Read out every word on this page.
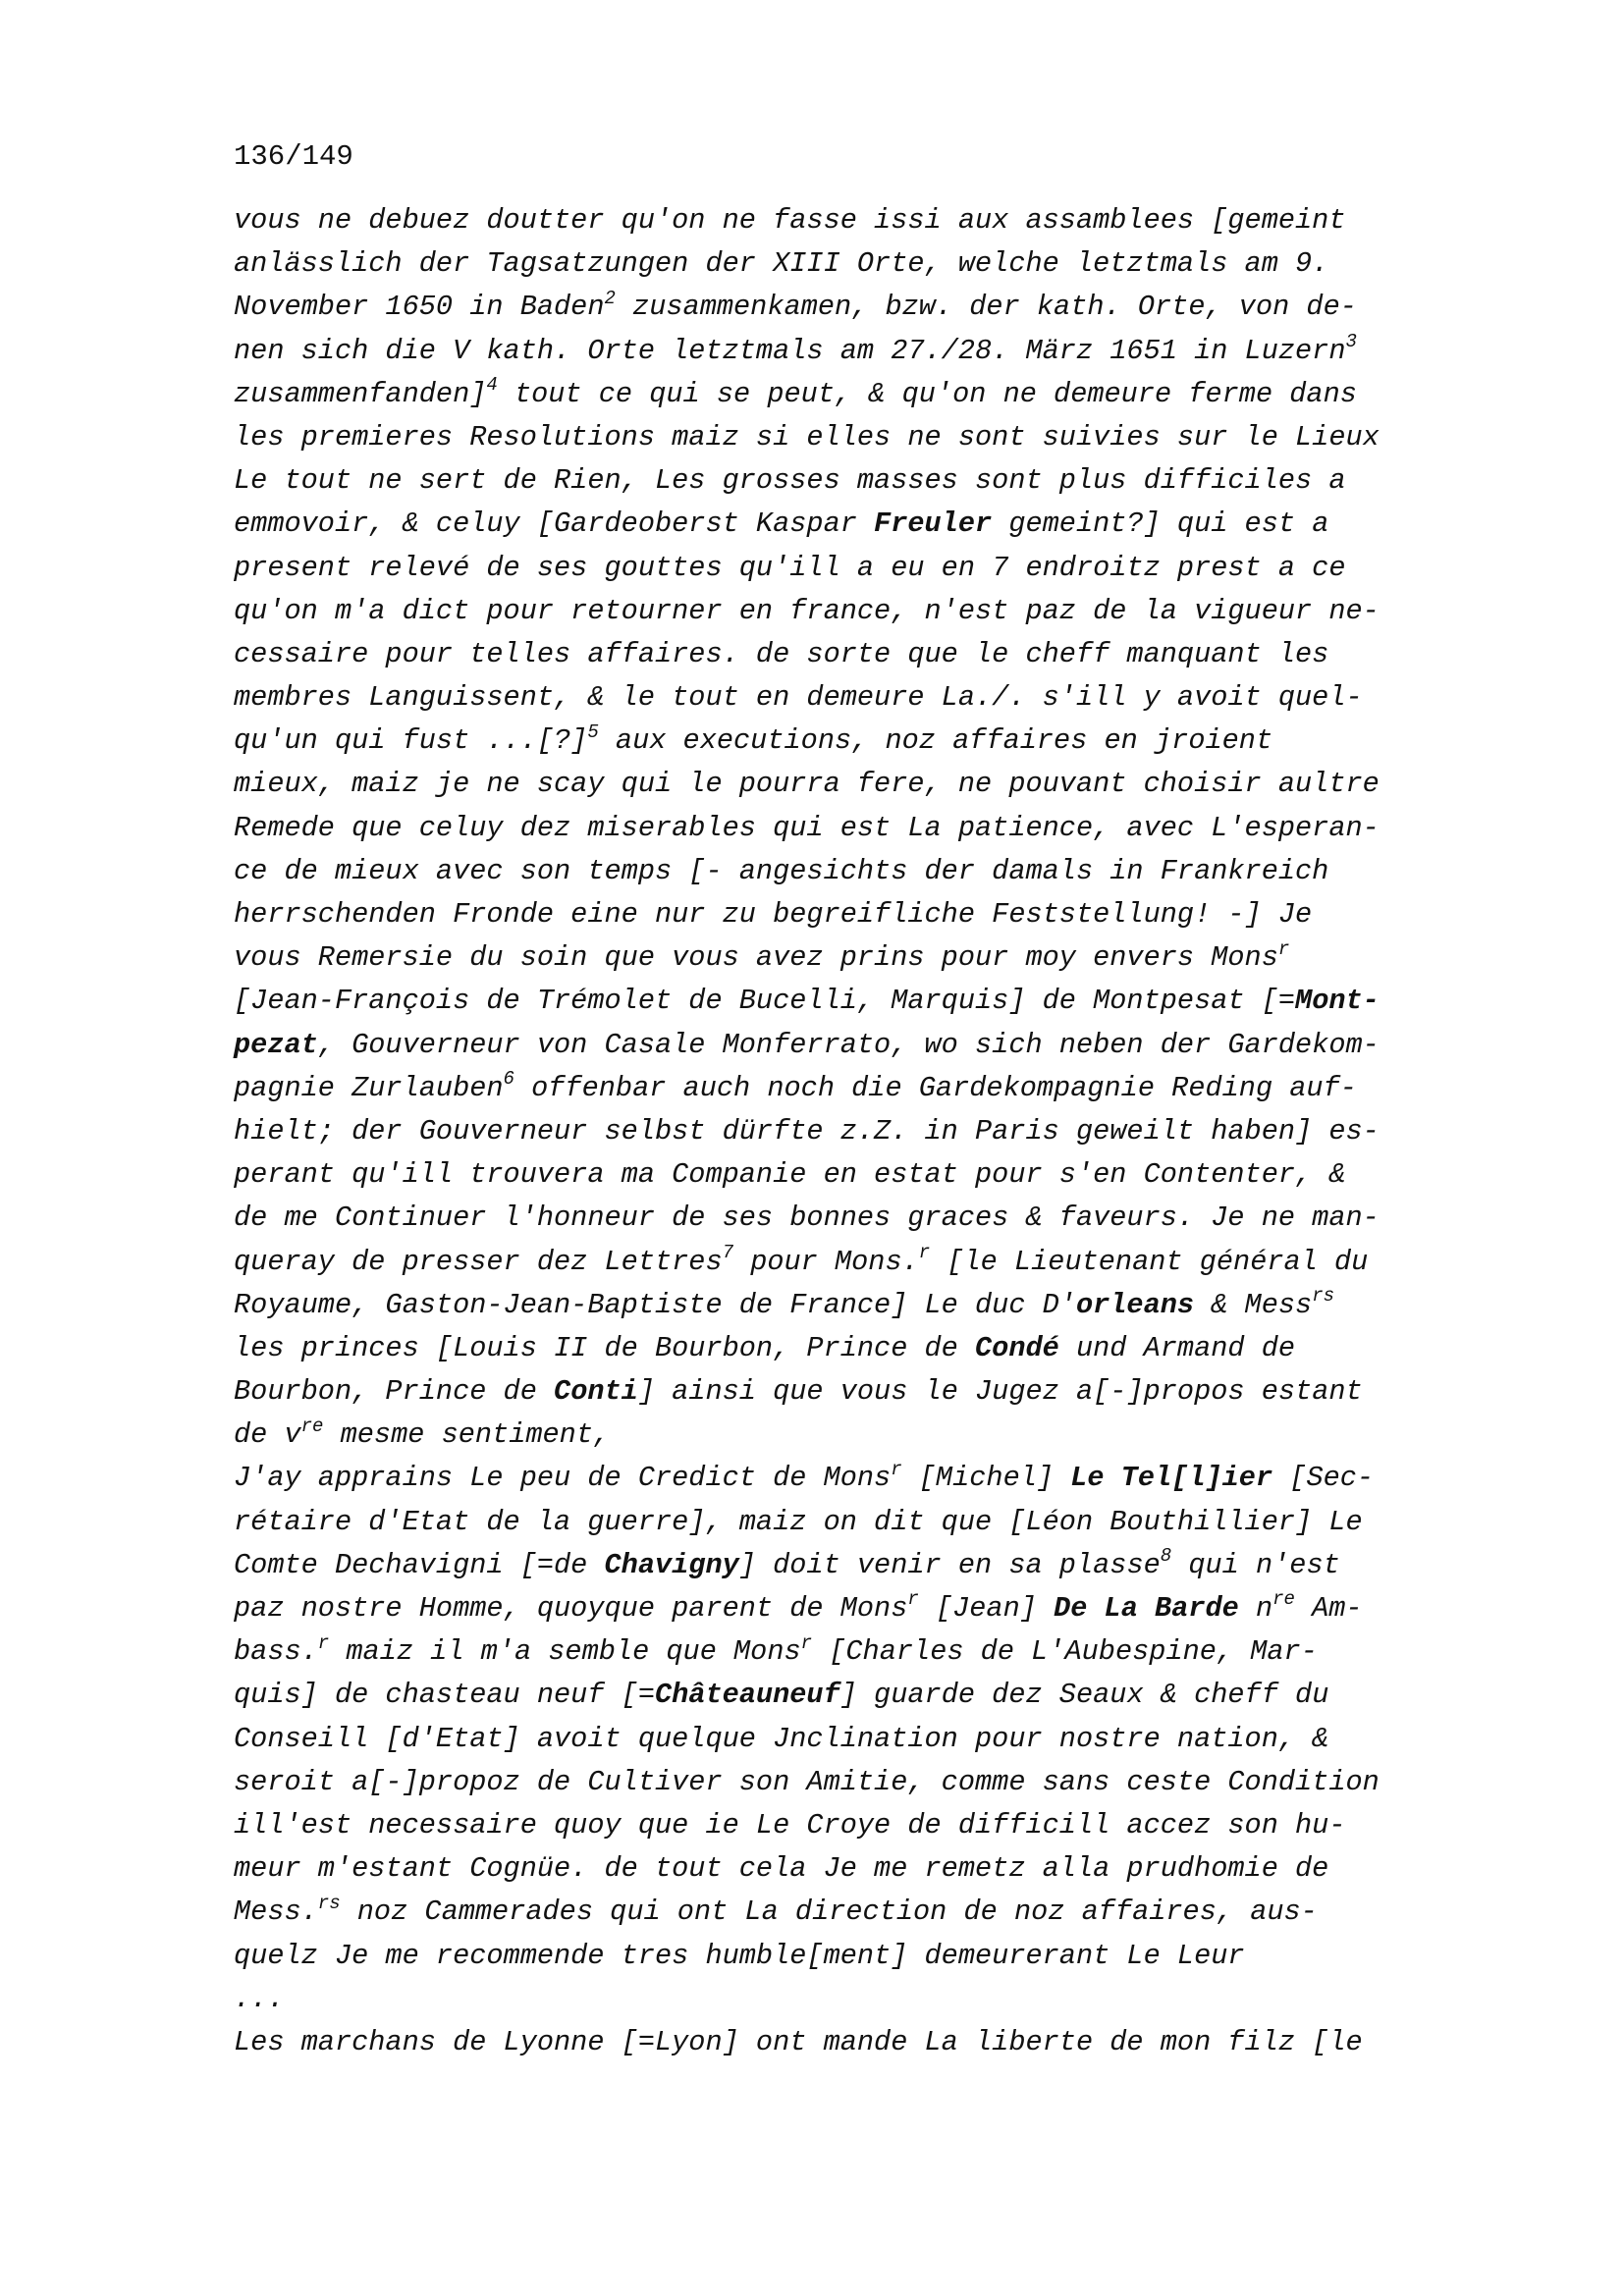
136/149
vous ne debuez doutter qu'on ne fasse issi aux assamblees [gemeint
anlässlich der Tagsatzungen der XIII Orte, welche letztmals am 9.
November 1650 in Baden$^2$ zusammenkamen, bzw. der kath. Orte, von de-
nen sich die V kath. Orte letztmals am 27./28. März 1651 in Luzern$^3$
zusammenfanden]$^4$ tout ce qui se peut, & qu'on ne demeure ferme dans
les premieres Resolutions maiz si elles ne sont suivies sur le Lieux
Le tout ne sert de Rien, Les grosses masses sont plus difficiles a
emmovoir, & celuy [Gardeoberst Kaspar Freuler gemeint?] qui est a
present relevé de ses gouttes qu'ill a eu en 7 endroitz prest a ce
qu'on m'a dict pour retourner en france, n'est paz de la vigueur ne-
cessaire pour telles affaires. de sorte que le cheff manquant les
membres Languissent, & le tout en demeure La./. s'ill y avoit quel-
qu'un qui fust ...[?]$^5$ aux executions, noz affaires en jroient
mieux, maiz je ne scay qui le pourra fere, ne pouvant choisir aultre
Remede que celuy dez miserables qui est La patience, avec L'esperan-
ce de mieux avec son temps [- angesichts der damals in Frankreich
herrschenden Fronde eine nur zu begreifliche Feststellung! -] Je
vous Remersie du soin que vous avez prins pour moy envers Mons$^r$
[Jean-François de Trémolet de Bucelli, Marquis] de Montpesat [=Mont-
pezat, Gouverneur von Casale Monferrato, wo sich neben der Gardekom-
pagnie Zurlauben$^6$ offenbar auch noch die Gardekompagnie Reding auf-
hielt; der Gouverneur selbst dürfte z.Z. in Paris geweilt haben] es-
perant qu'ill trouvera ma Companie en estat pour s'en Contenter, &
de me Continuer l'honneur de ses bonnes graces & faveurs. Je ne man-
queray de presser dez Lettres$^7$ pour Mons.$^r$ [le Lieutenant général du
Royaume, Gaston-Jean-Baptiste de France] Le duc D'orleans & Mess$^{rs}$
les princes [Louis II de Bourbon, Prince de Condé und Armand de
Bourbon, Prince de Conti] ainsi que vous le Jugez a[-]propos estant
de $v^{re}$ mesme sentiment,
J'ay apprains Le peu de Credict de Mons$^r$ [Michel] Le Tel[l]ier [Sec-
rétaire d'Etat de la guerre], maiz on dit que [Léon Bouthillier] Le
Comte Dechavigni [=de Chavigny] doit venir en sa plasse$^8$ qui n'est
paz nostre Homme, quoyque parent de Mons$^r$ [Jean] De La Barde $n^{re}$ Am-
bass.$^r$ maiz il m'a semble que Mons$^r$ [Charles de L'Aubespine, Mar-
quis] de chasteau neuf [=Châteauneuf] guarde dez Seaux & cheff du
Conseill [d'Etat] avoit quelque Jnclination pour nostre nation, &
seroit a[-]propoz de Cultiver son Amitie, comme sans ceste Condition
ill'est necessaire quoy que ie Le Croye de difficill accez son hu-
meur m'estant Cognüe. de tout cela Je me remetz alla prudhomie de
Mess.$^{rs}$ noz Cammerades qui ont La direction de noz affaires, aus-
quelz Je me recommende tres humble[ment] demeurerant Le Leur
...
Les marchans de Lyonne [=Lyon] ont mande La liberte de mon filz [le
